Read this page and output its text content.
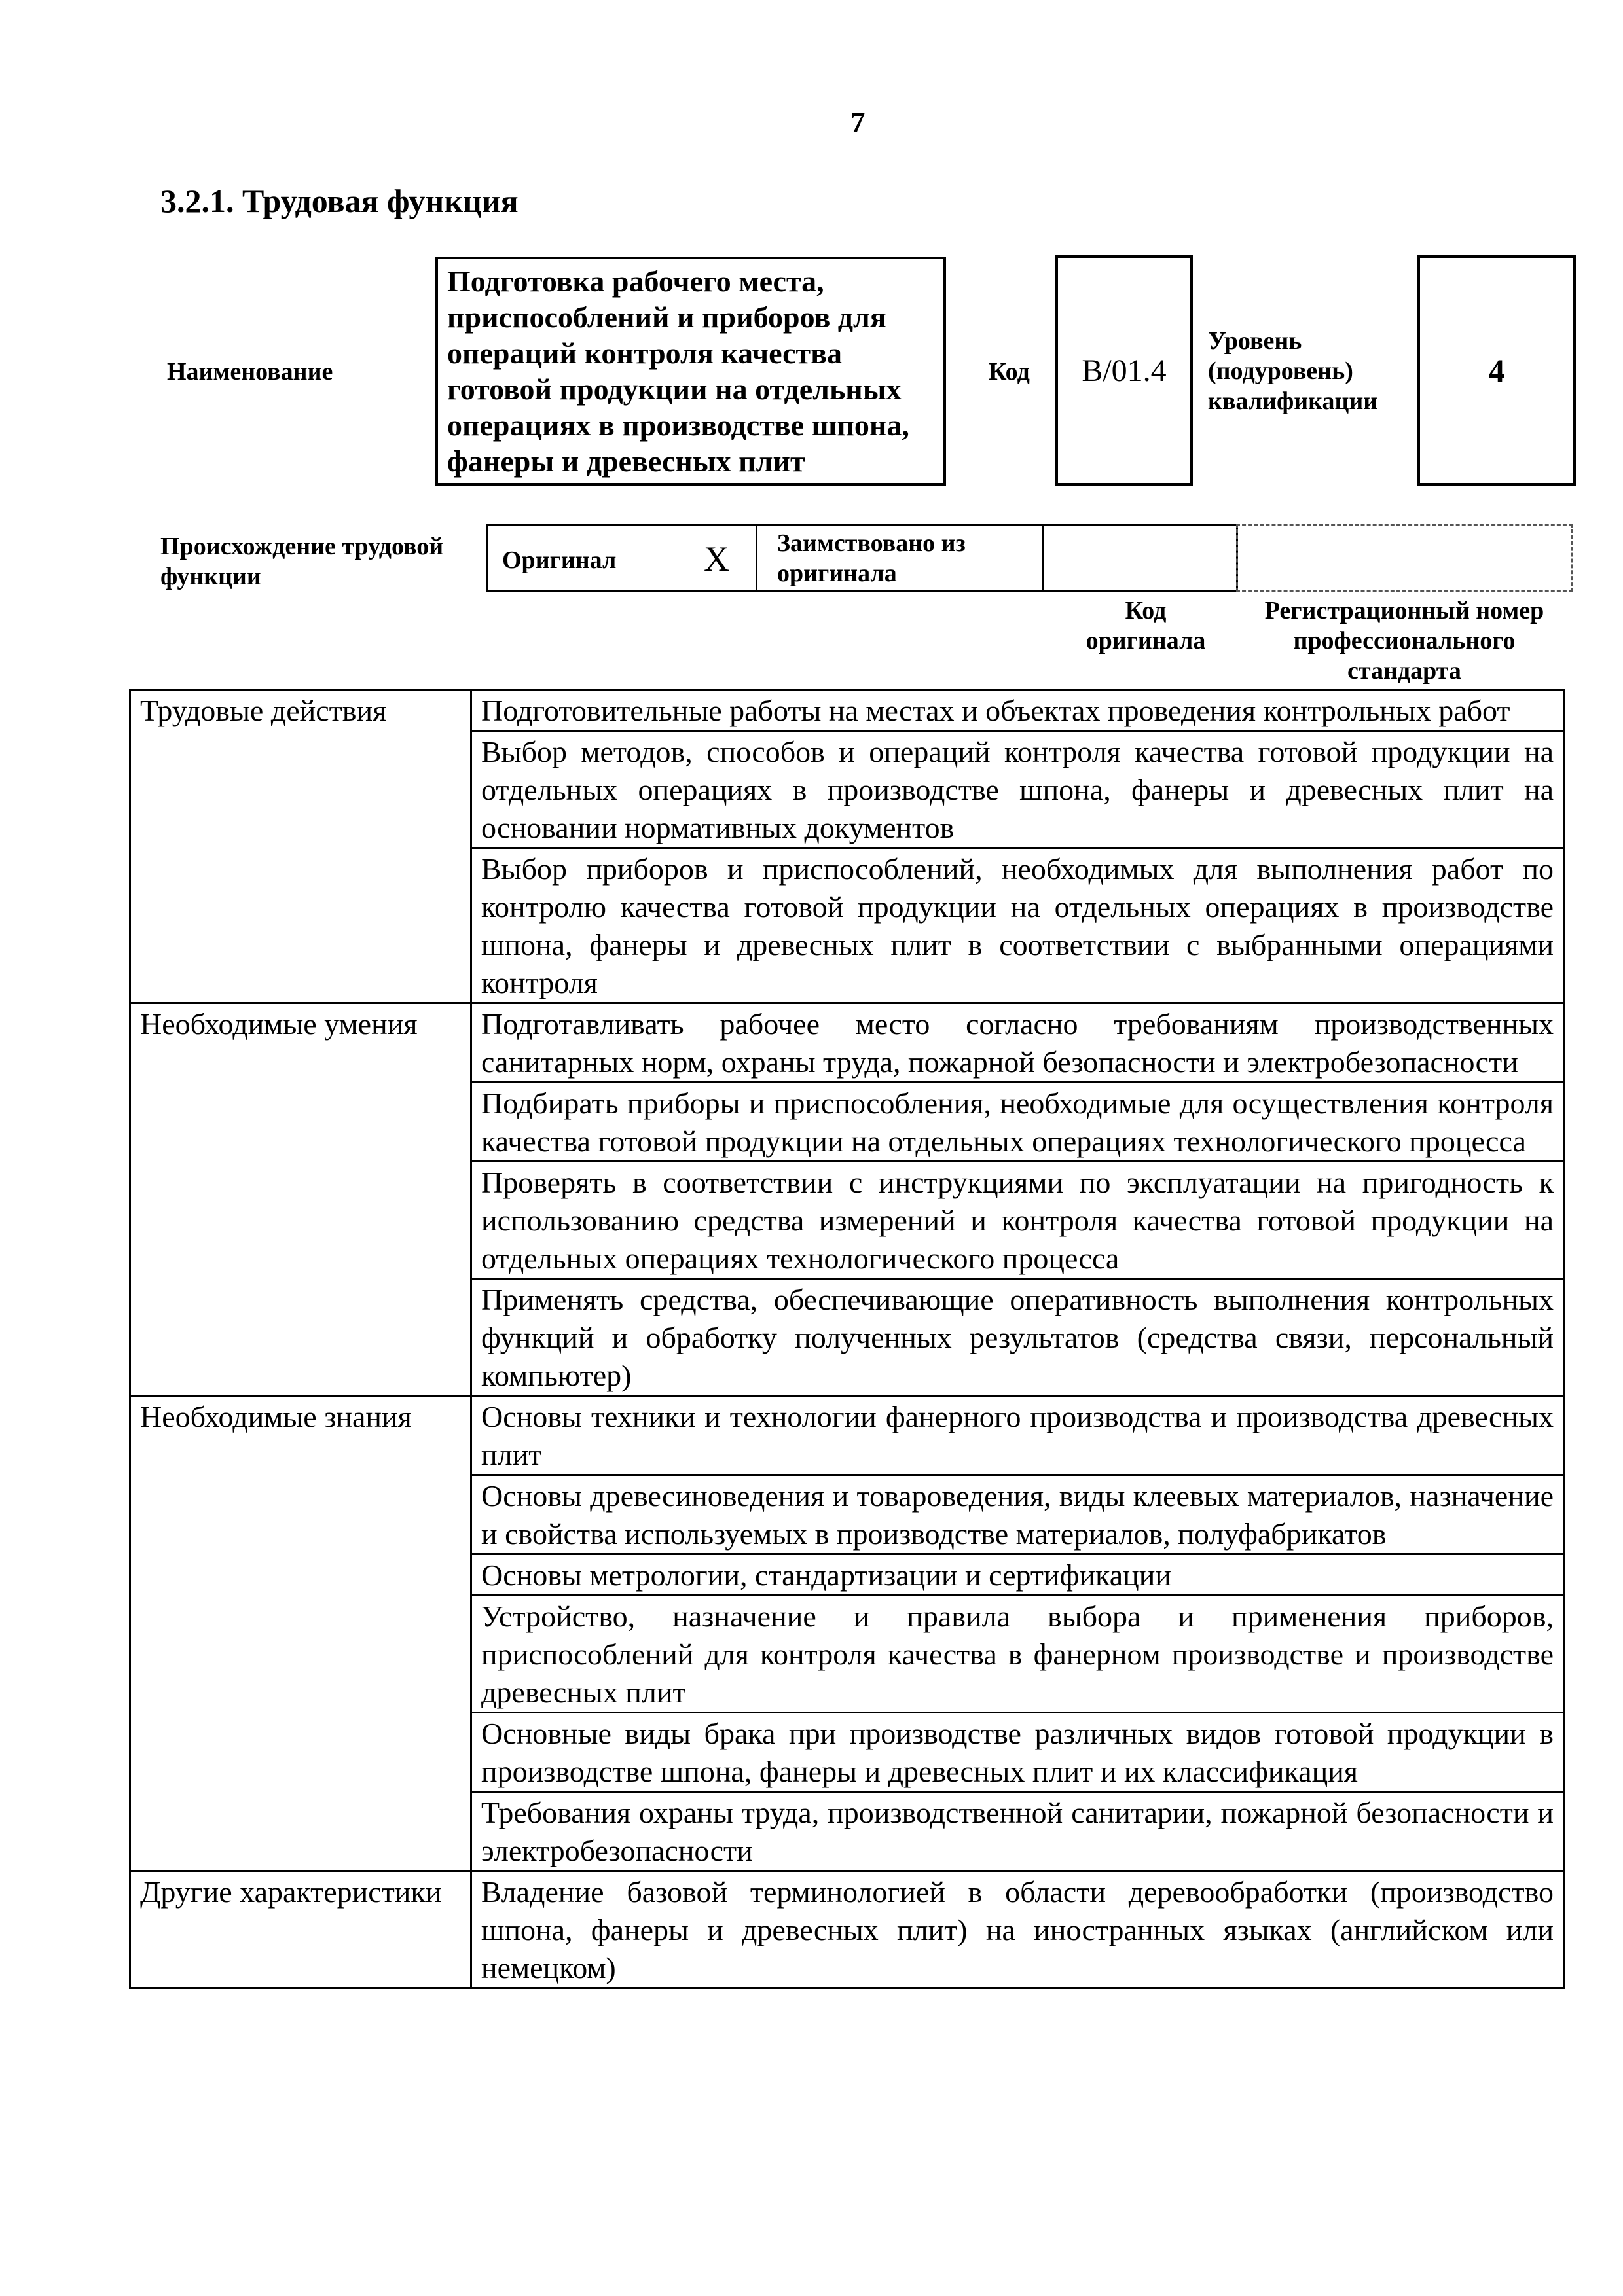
7
3.2.1. Трудовая функция
Наименование
Подготовка рабочего места, приспособлений и приборов для операций контроля качества готовой продукции на отдельных операциях в производстве шпона, фанеры и древесных плит
Код B/01.4
Уровень (подуровень) квалификации
4
Происхождение трудовой функции
Оригинал X Заимствовано из оригинала
Код оригинала
Регистрационный номер профессионального стандарта
Трудовые действия	Подготовительные работы на местах и объектах проведения контрольных работ
	Выбор методов, способов и операций контроля качества готовой продукции на отдельных операциях в производстве шпона, фанеры и древесных плит на основании нормативных документов
	Выбор приборов и приспособлений, необходимых для выполнения работ по контролю качества готовой продукции на отдельных операциях в производстве шпона, фанеры и древесных плит в соответствии с выбранными операциями контроля
Необходимые умения	Подготавливать рабочее место согласно требованиям производственных санитарных норм, охраны труда, пожарной безопасности и электробезопасности
	Подбирать приборы и приспособления, необходимые для осуществления контроля качества готовой продукции на отдельных операциях технологического процесса
	Проверять в соответствии с инструкциями по эксплуатации на пригодность к использованию средства измерений и контроля качества готовой продукции на отдельных операциях технологического процесса
	Применять средства, обеспечивающие оперативность выполнения контрольных функций и обработку полученных результатов (средства связи, персональный компьютер)
Необходимые знания	Основы техники и технологии фанерного производства и производства древесных плит
	Основы древесиноведения и товароведения, виды клеевых материалов, назначение и свойства используемых в производстве материалов, полуфабрикатов
	Основы метрологии, стандартизации и сертификации
	Устройство, назначение и правила выбора и применения приборов, приспособлений для контроля качества в фанерном производстве и производстве древесных плит
	Основные виды брака при производстве различных видов готовой продукции в производстве шпона, фанеры и древесных плит и их классификация
	Требования охраны труда, производственной санитарии, пожарной безопасности и электробезопасности
Другие характеристики	Владение базовой терминологией в области деревообработки (производство шпона, фанеры и древесных плит) на иностранных языках (английском или немецком)
